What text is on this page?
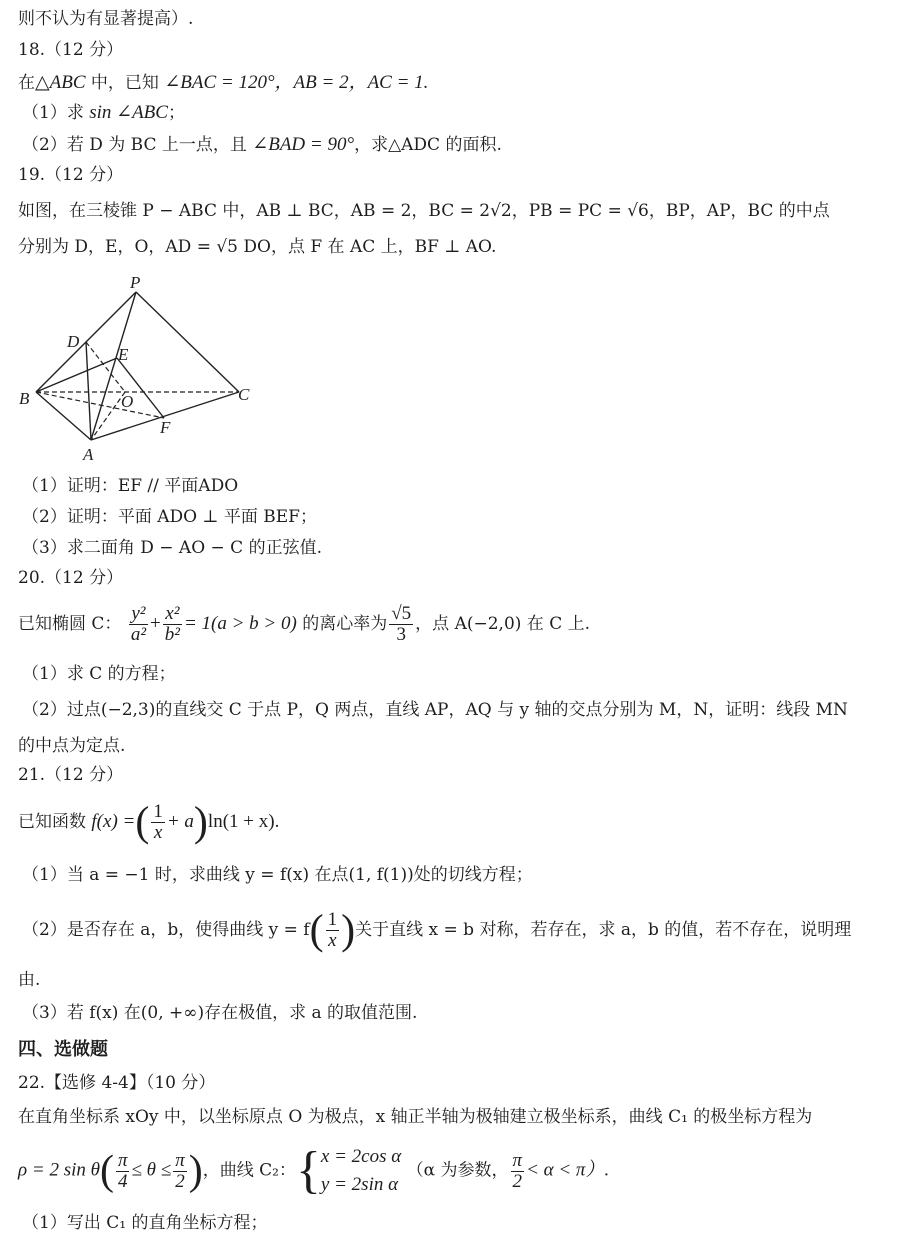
则不认为有显著提高）.
18.（12 分）
在△ABC 中，已知 ∠BAC = 120°，AB = 2，AC = 1.
（1）求 sin ∠ABC；
（2）若 D 为 BC 上一点，且 ∠BAD = 90°，求△ADC 的面积.
19.（12 分）
如图，在三棱锥 P − ABC 中，AB ⊥ BC，AB = 2，BC = 2√2，PB = PC = √6，BP，AP，BC 的中点
分别为 D，E，O，AD = √5 DO，点 F 在 AC 上，BF ⊥ AO.
P
D
E
B	O	C
F
A
（1）证明：EF // 平面ADO
（2）证明：平面 ADO ⊥ 平面 BEF；
（3）求二面角 D − AO − C 的正弦值.
20.（12 分）
已知椭圆 C： $\frac{\text{y²}}{\text{a²}} + \frac{\text{x²}}{\text{b²}} = 1(a > b > 0)$ 的离心率为 $\frac{√5}{3}$ ，点 A(−2,0) 在 C 上.
（1）求 C 的方程；
（2）过点(−2,3)的直线交 C 于点 P，Q 两点，直线 AP，AQ 与 y 轴的交点分别为 M，N，证明：线段 MN
的中点为定点.
21.（12 分）
已知函数 f(x) =( $\frac{1}{x} + a)\ln(1 + x)$.
（1）当 a = −1 时，求曲线 y = f(x) 在点(1, f(1))处的切线方程；
（2）是否存在 a，b，使得曲线 $y = f( \frac{1}{x}$ )关于直线 x = b 对称，若存在，求 a，b 的值，若不存在，说明理
由.
（3）若 f(x) 在(0, +∞)存在极值，求 a 的取值范围.
四、选做题
22.【选修 4-4】（10 分）
在直角坐标系 xOy 中，以坐标原点 O 为极点，x 轴正半轴为极轴建立极坐标系，曲线 C₁ 的极坐标方程为
ρ = 2 $\sin \theta( \frac{\pi}{4} \le \theta \le \frac{\pi}{2}$ )，曲线 C₂：{ x = 2cos α
y = 2sin α
（α 为参数， $\frac{\pi}{2} < \alpha < \pi$）.
（1）写出 C₁ 的直角坐标方程；
